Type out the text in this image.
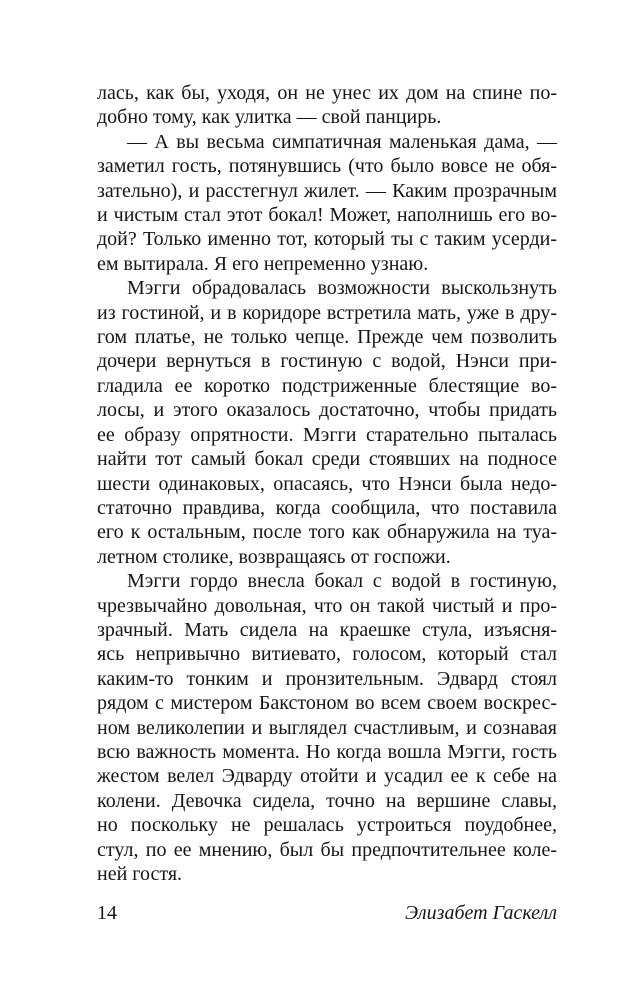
лась, как бы, уходя, он не унес их дом на спине по-
добно тому, как улитка — свой панцирь.
— А вы весьма симпатичная маленькая дама, —
заметил гость, потянувшись (что было вовсе не обя-
зательно), и расстегнул жилет. — Каким прозрачным
и чистым стал этот бокал! Может, наполнишь его во-
дой? Только именно тот, который ты с таким усерди-
ем вытирала. Я его непременно узнаю.
Мэгги обрадовалась возможности выскользнуть
из гостиной, и в коридоре встретила мать, уже в дру-
гом платье, не только чепце. Прежде чем позволить
дочери вернуться в гостиную с водой, Нэнси при-
гладила ее коротко подстриженные блестящие во-
лосы, и этого оказалось достаточно, чтобы придать
ее образу опрятности. Мэгги старательно пыталась
найти тот самый бокал среди стоявших на подносе
шести одинаковых, опасаясь, что Нэнси была недо-
статочно правдива, когда сообщила, что поставила
его к остальным, после того как обнаружила на туа-
летном столике, возвращаясь от госпожи.
Мэгги гордо внесла бокал с водой в гостиную,
чрезвычайно довольная, что он такой чистый и про-
зрачный. Мать сидела на краешке стула, изъясня-
ясь непривычно витиевато, голосом, который стал
каким-то тонким и пронзительным. Эдвард стоял
рядом с мистером Бакстоном во всем своем воскрес-
ном великолепии и выглядел счастливым, и сознавая
всю важность момента. Но когда вошла Мэгги, гость
жестом велел Эдварду отойти и усадил ее к себе на
колени. Девочка сидела, точно на вершине славы,
но поскольку не решалась устроиться поудобнее,
стул, по ее мнению, был бы предпочтительнее коле-
ней гостя.
14	Элизабет Гаскелл
